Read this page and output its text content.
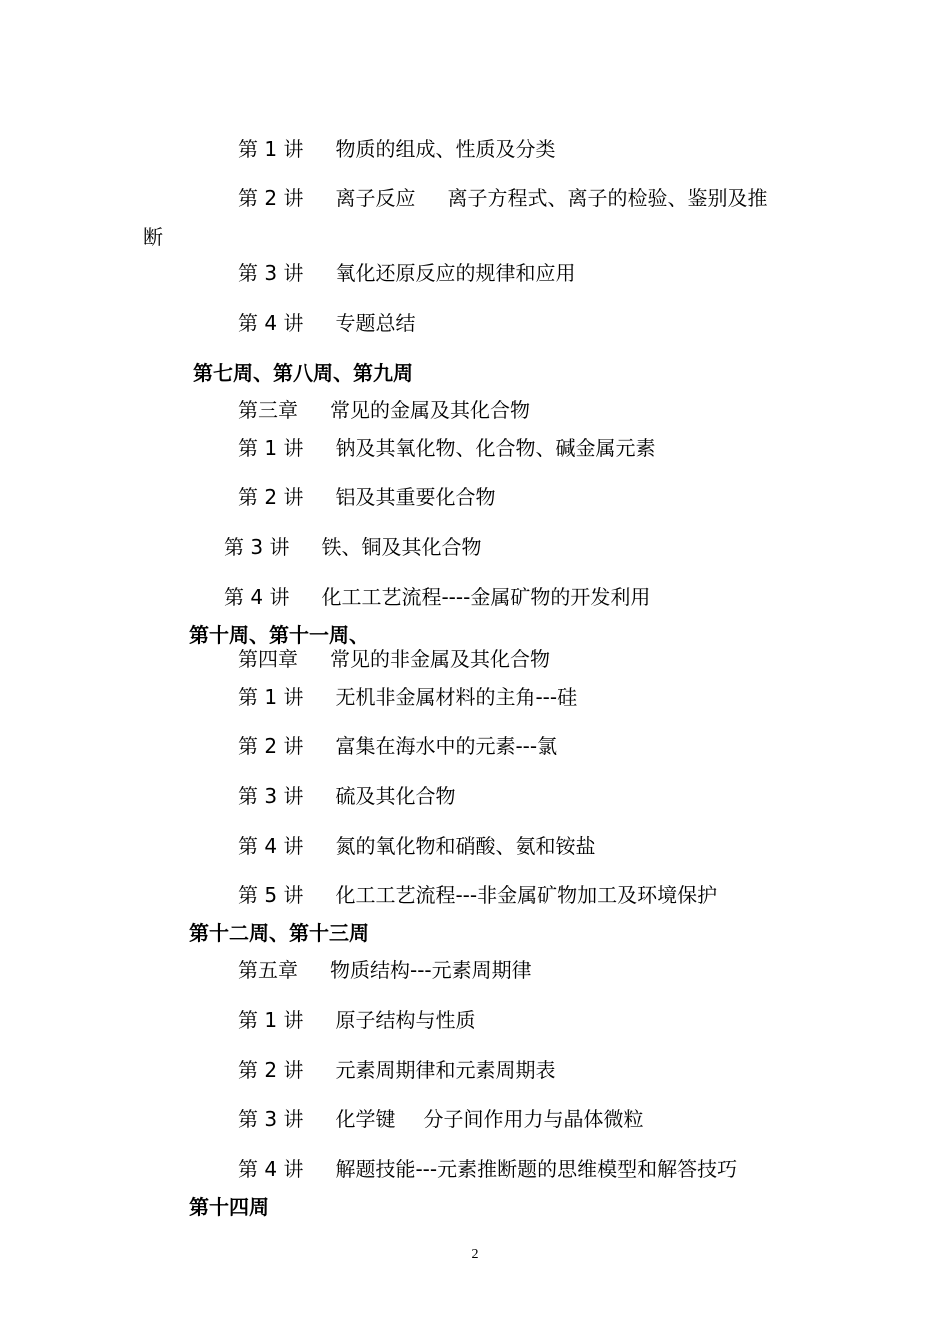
第 1 讲 物质的组成、性质及分类
第 2 讲 离子反应 离子方程式、离子的检验、鉴别及推
断
第 3 讲 氧化还原反应的规律和应用
第 4 讲 专题总结
第七周、第八周、第九周
第三章 常见的金属及其化合物
第 1 讲 钠及其氧化物、化合物、碱金属元素
第 2 讲 铝及其重要化合物
第 3 讲 铁、铜及其化合物
第 4 讲 化工工艺流程----金属矿物的开发利用
第十周、第十一周、
第四章 常见的非金属及其化合物
第 1 讲 无机非金属材料的主角---硅
第 2 讲 富集在海水中的元素---氯
第 3 讲 硫及其化合物
第 4 讲 氮的氧化物和硝酸、氨和铵盐
第 5 讲 化工工艺流程---非金属矿物加工及环境保护
第十二周、第十三周
第五章 物质结构---元素周期律
第 1 讲 原子结构与性质
第 2 讲 元素周期律和元素周期表
第 3 讲 化学键 分子间作用力与晶体微粒
第 4 讲 解题技能---元素推断题的思维模型和解答技巧
第十四周
2
